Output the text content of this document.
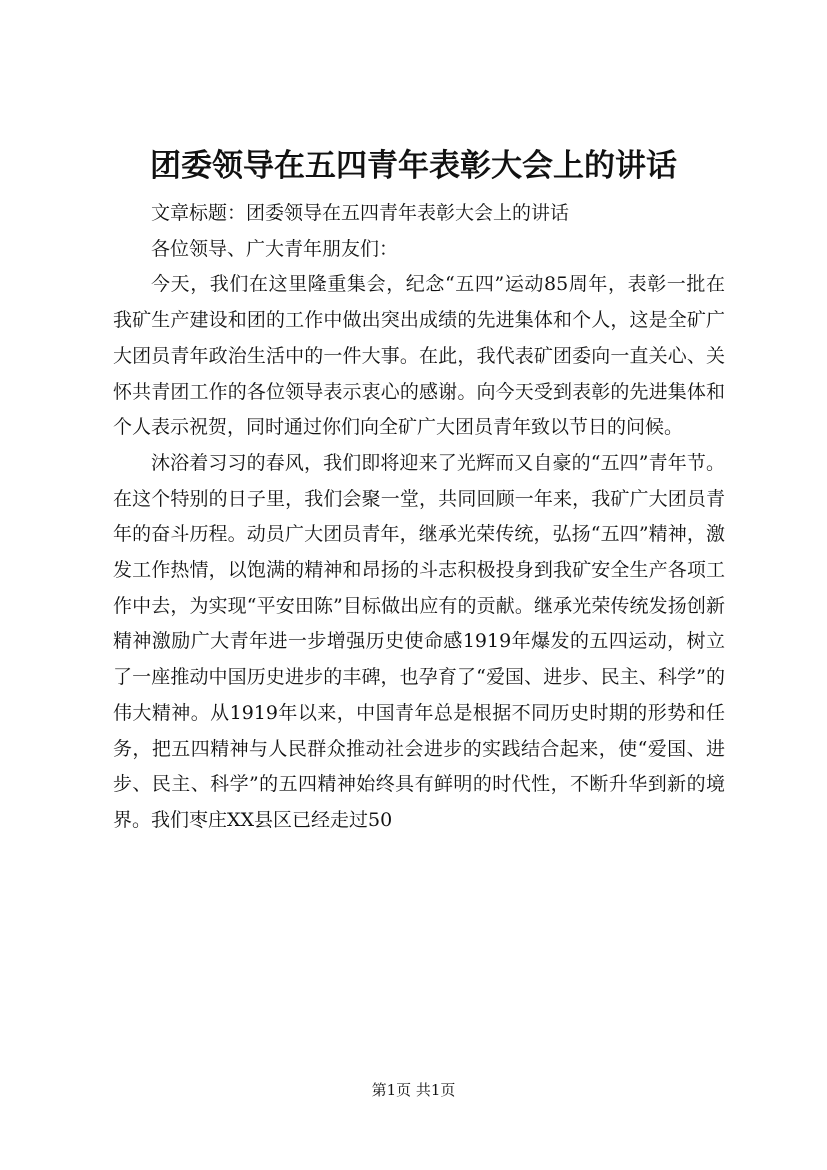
团委领导在五四青年表彰大会上的讲话

文章标题：团委领导在五四青年表彰大会上的讲话

各位领导、广大青年朋友们：

今天，我们在这里隆重集会，纪念“五四”运动85周年，表彰一批在我矿生产建设和团的工作中做出突出成绩的先进集体和个人，这是全矿广大团员青年政治生活中的一件大事。在此，我代表矿团委向一直关心、关怀共青团工作的各位领导表示衷心的感谢。向今天受到表彰的先进集体和个人表示祝贺，同时通过你们向全矿广大团员青年致以节日的问候。

沐浴着习习的春风，我们即将迎来了光辉而又自豪的“五四”青年节。在这个特别的日子里，我们会聚一堂，共同回顾一年来，我矿广大团员青年的奋斗历程。动员广大团员青年，继承光荣传统，弘扬“五四”精神，激发工作热情，以饱满的精神和昂扬的斗志积极投身到我矿安全生产各项工作中去，为实现“平安田陈”目标做出应有的贡献。继承光荣传统发扬创新精神激励广大青年进一步增强历史使命感1919年爆发的五四运动，树立了一座推动中国历史进步的丰碑，也孕育了“爱国、进步、民主、科学”的伟大精神。从1919年以来，中国青年总是根据不同历史时期的形势和任务，把五四精神与人民群众推动社会进步的实践结合起来，使“爱国、进步、民主、科学”的五四精神始终具有鲜明的时代性，不断升华到新的境界。我们枣庄XX县区已经走过50

第1页 共1页
